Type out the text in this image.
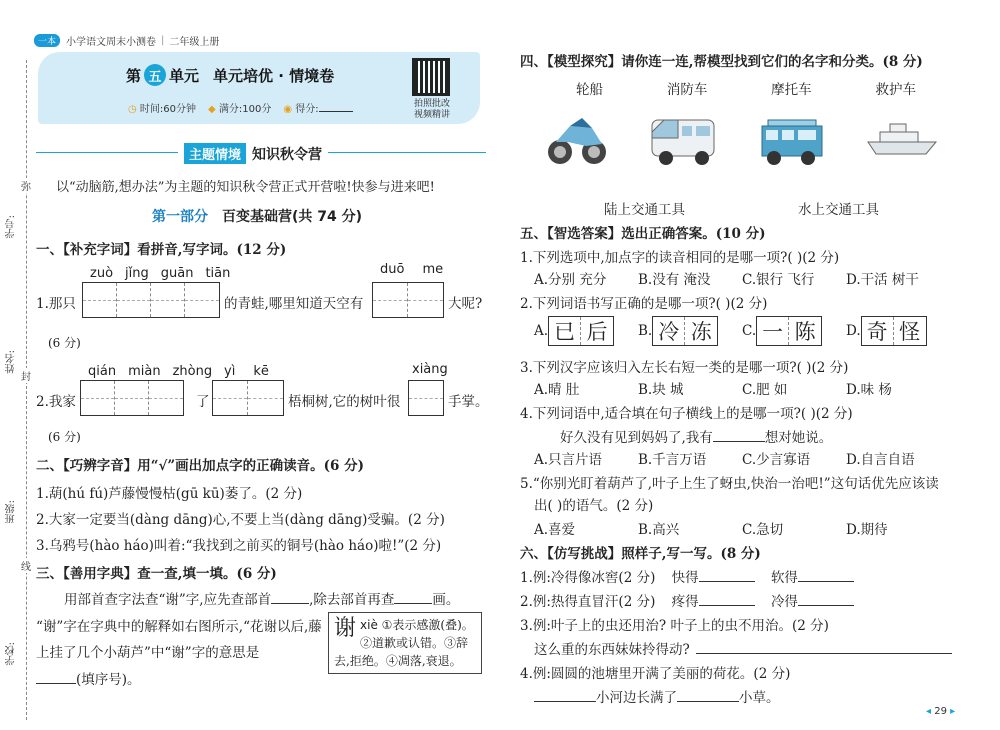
一本	小学语文周末小测卷 | 二年级上册
弥
学号:
封
姓名:
班级:
线
学校:
第 五 单元 单元培优 · 情境卷
◷ 时间:60分钟 ◆ 满分:100分 ◉ 得分:	拍照批改
视频精讲
主题情境 知识秋令营
以“动脑筋,想办法”为主题的知识秋令营正式开营啦!快参与进来吧!
第一部分 百变基础营(共 74 分)
一、【补充字词】看拼音,写字词。(12 分)
zuò jǐng guān tiān	duō me
1.那只	的青蛙,哪里知道天空有	大呢?
(6 分)
qián miàn zhòng yì kē	xiàng
2.我家	了	梧桐树,它的树叶很	手掌。
(6 分)
二、【巧辨字音】用“√”画出加点字的正确读音。(6 分)
1.葫(hú fú)芦藤慢慢枯(gū kū)萎了。(2 分)
2.大家一定要当(dàng dāng)心,不要上当(dàng dāng)受骗。(2 分)
3.乌鸦号(hào háo)叫着:“我找到之前买的铜号(hào háo)啦!”(2 分)
三、【善用字典】查一查,填一填。(6 分)
用部首查字法查“谢”字,应先查部首	,除去部首再查	画。
“谢”字在字典中的解释如右图所示,“花谢以后,藤上挂了几个小葫芦”中“谢”字的意思是
(填序号)。
谢 xiè ①表示感激(叠)。②道歉或认错。③辞去,拒绝。④凋落,衰退。
四、【模型探究】请你连一连,帮模型找到它们的名字和分类。(8 分)
轮船	消防车	摩托车	救护车
陆上交通工具	水上交通工具
五、【智选答案】选出正确答案。(10 分)
1.下列选项中,加点字的读音相同的是哪一项?( )(2 分)
A.分别 充分	B.没有 淹没	C.银行 飞行	D.干活 树干
2.下列词语书写正确的是哪一项?( )(2 分)
A. 已 后	B. 冷 冻	C. 一 陈	D. 奇 怪
3.下列汉字应该归入左长右短一类的是哪一项?( )(2 分)
A.晴 肚	B.块 城	C.肥 如	D.味 杨
4.下列词语中,适合填在句子横线上的是哪一项?( )(2 分)
好久没有见到妈妈了,我有	想对她说。
A.只言片语	B.千言万语	C.少言寡语	D.自言自语
5.“你别光盯着葫芦了,叶子上生了蚜虫,快治一治吧!”这句话优先应该读
出( )的语气。(2 分)
A.喜爱	B.高兴	C.急切	D.期待
六、【仿写挑战】照样子,写一写。(8 分)
1.例:冷得像冰窖(2 分) 快得	软得
2.例:热得直冒汗(2 分) 疼得	冷得
3.例:叶子上的虫还用治? 叶子上的虫不用治。(2 分)
这么重的东西妹妹拎得动?
4.例:圆圆的池塘里开满了美丽的荷花。(2 分)
小河边长满了	小草。
◂ 29 ▸
